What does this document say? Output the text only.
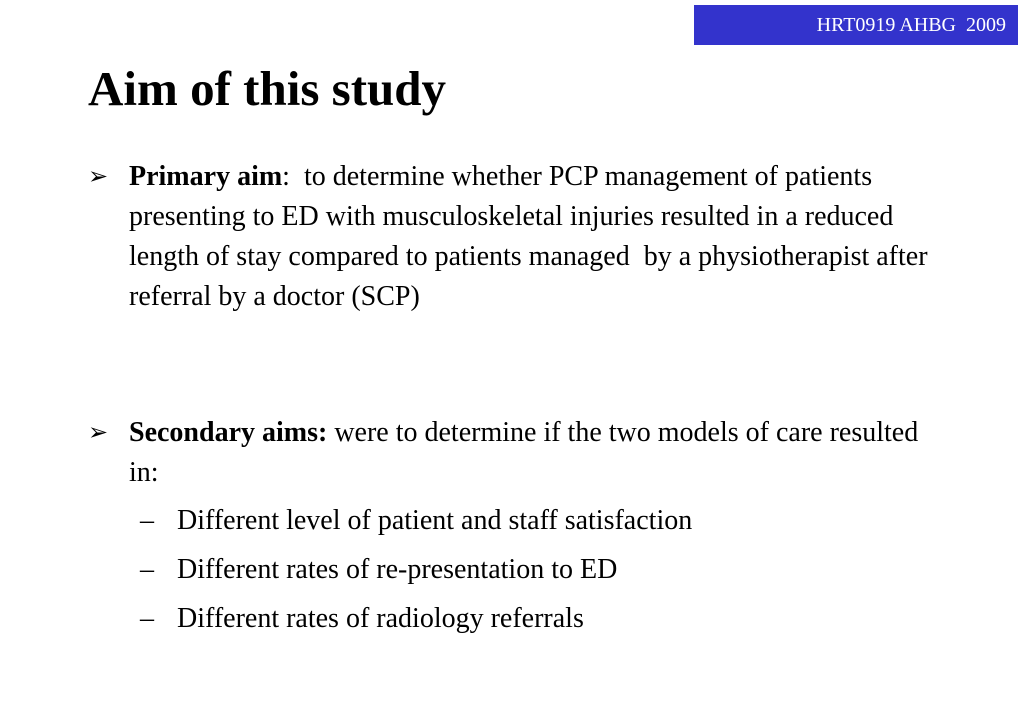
HRT0919 AHBG  2009
Aim of this study
➢ Primary aim:  to determine whether PCP management of patients presenting to ED with musculoskeletal injuries resulted in a reduced length of stay compared to patients managed  by a physiotherapist after referral by a doctor (SCP)
➢ Secondary aims: were to determine if the two models of care resulted in:
– Different level of patient and staff satisfaction
– Different rates of re-presentation to ED
– Different rates of radiology referrals
